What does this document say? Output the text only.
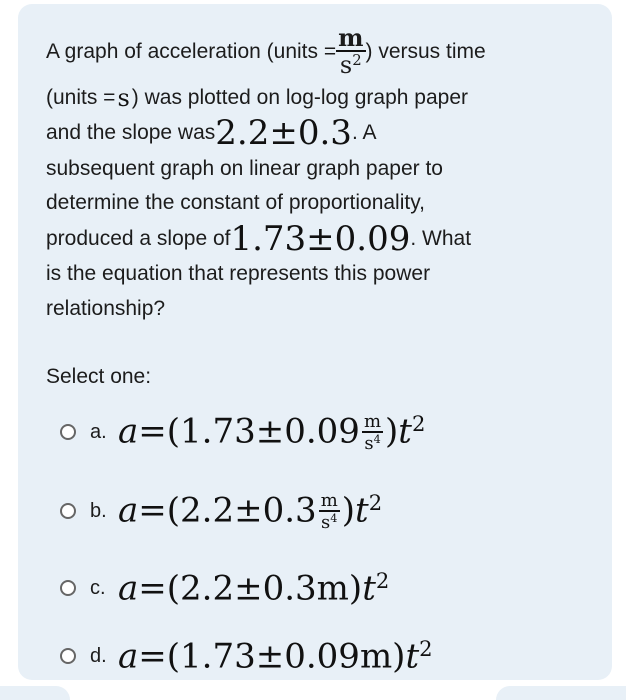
A graph of acceleration (units = $\frac{m}{s^2}$ ) versus time
(units = s ) was plotted on log-log graph paper
and the slope was 2.2±0.3 . A
subsequent graph on linear graph paper to
determine the constant of proportionality,
produced a slope of 1.73±0.09 . What
is the equation that represents this power
relationship?
Select one:
a. $a=(1.73\pm 0.09 \frac{m}{s^4} )t^2$
b. $a=(2.2\pm 0.3 \frac{m}{s^4} )t^2$
c. $a=(2.2\pm 0.3m)t^2$
d. $a=(1.73\pm 0.09m)t^2$
